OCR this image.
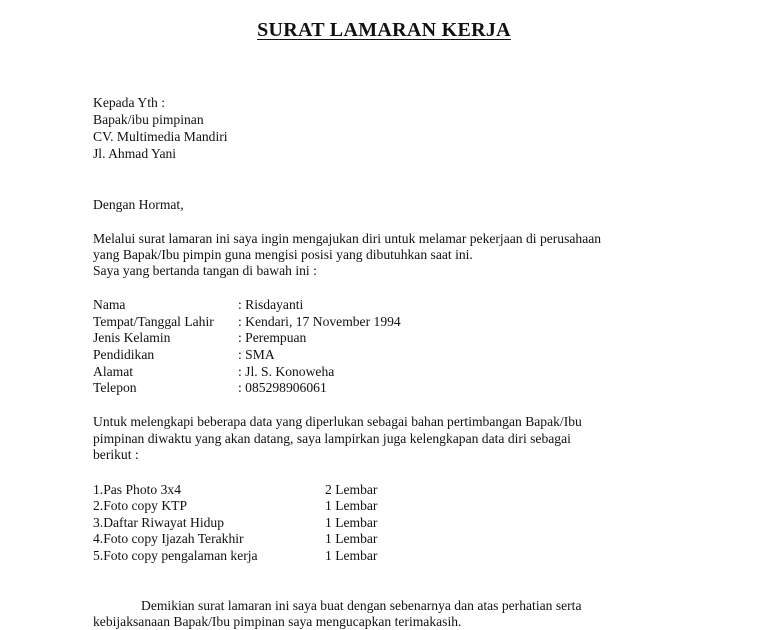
SURAT LAMARAN KERJA
Kepada Yth :
Bapak/ibu pimpinan
CV. Multimedia Mandiri
Jl. Ahmad Yani
Dengan Hormat,
Melalui surat lamaran ini saya ingin mengajukan diri untuk melamar pekerjaan di perusahaan
yang Bapak/Ibu pimpin guna mengisi posisi yang dibutuhkan saat ini.
Saya yang bertanda tangan di bawah ini :
Nama	: Risdayanti
Tempat/Tanggal Lahir : Kendari, 17 November 1994
Jenis Kelamin	: Perempuan
Pendidikan	: SMA
Alamat	: Jl. S. Konoweha
Telepon	: 085298906061
Untuk melengkapi beberapa data yang diperlukan sebagai bahan pertimbangan Bapak/Ibu
pimpinan diwaktu yang akan datang, saya lampirkan juga kelengkapan data diri sebagai
berikut :
1.Pas Photo 3x4	2 Lembar
2.Foto copy KTP	1 Lembar
3.Daftar Riwayat Hidup	1 Lembar
4.Foto copy Ijazah Terakhir	1 Lembar
5.Foto copy pengalaman kerja	1 Lembar
Demikian surat lamaran ini saya buat dengan sebenarnya dan atas perhatian serta
kebijaksanaan Bapak/Ibu pimpinan saya mengucapkan terimakasih.
